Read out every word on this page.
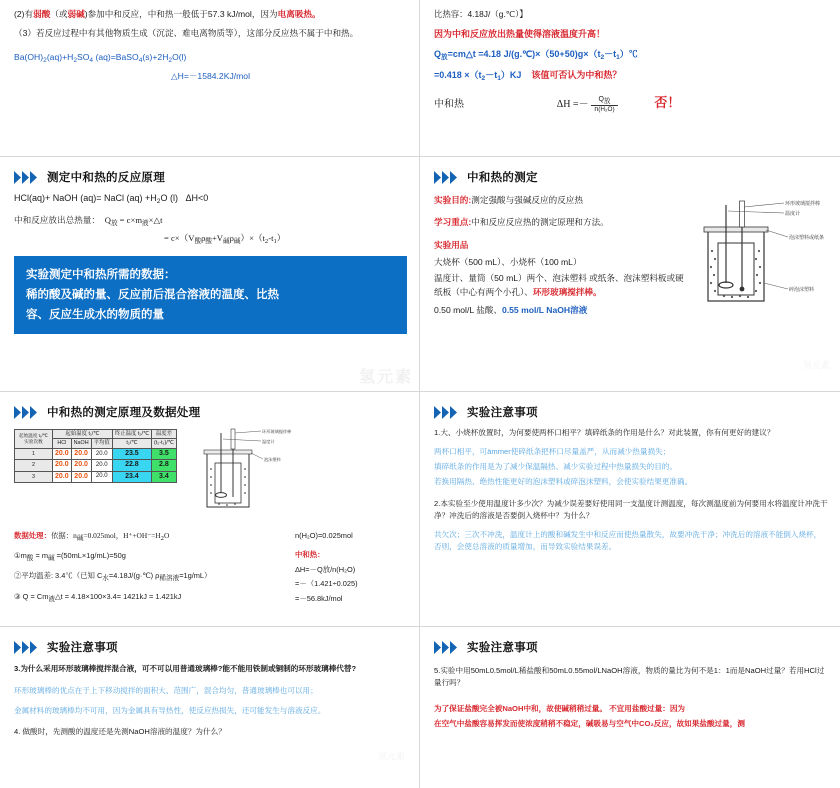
(2)有弱酸（或弱碱)参加中和反应，中和热一般低于57.3 kJ/mol，因为电离吸热。

（3）若反应过程中有其他物质生成（沉淀、难电离物质等），这部分反应热不属于中和热。

$Ba(OH)_2(aq)+H_2SO_4$ $(aq)=BaSO_4(s)+2H_2O(l)$

△H=－1584.2KJ/mol

比热容：4.18J/（g.℃）】

因为中和反应放出热量使得溶液温度升高！

$Q_放=cm\triangle t =4.18$ $J/(g.℃)\times(50+50)g\times(t_2-t_1)℃$

$=0.418 \times(t_2-t_1)KJ$    该值可否认为中和热？

中和热	$\Delta H =- \frac{\text{Q放}}{\text{n(H₂O)}}$	否！

测定中和热的反应原理

HCl(aq)+ NaOH (aq)= NaCl $(aq) +H_2O$ (l)   ΔH<0

中和反应放出总热量：  $Q_放$ = $c\times m_液\times\triangle t$

= $c\times(V_酸\rho_酸+V_碱\rho_碱)\times(t_2-t_1)$

实验测定中和热所需的数据：
稀的酸及碱的量、反应前后混合溶液的温度、比热
容、反应生成水的物质的量
氢元素
中和热的测定

实验目的:测定强酸与强碱反应的反应热

学习重点:中和反应反应热的测定原理和方法。

实验用品

大烧杯（500 mL）、小烧杯（100 mL）

温度计、量筒（50 mL）两个、泡沫塑料 或纸条、泡沫塑料板或硬纸板（中心有两个小孔）、环形玻璃搅拌棒。

0.50 mol/L 盐酸、0.55 mol/L NaOH溶液

环形玻璃搅拌棒
温度计
泡沫塑料或纸条
碎泡沫塑料
氢元素
中和热的测定原理及数据处理
起始温度 t₁/℃
实验次数	起始温度 t₁/℃			终止温度 t₂/℃	温度差
	HCl	NaOH	平均值	t₂/℃	(t₂-t₁)/℃
1	20.0	20.0	20.0	23.5	3.5
2	20.0	20.0	20.0	22.8	2.8
3	20.0	20.0	20.0	23.4	3.4
环形玻璃搅拌棒
温度计
泡沫塑料

数据处理：依据：n碱=0.025mol，H⁺+OH⁻=H2O

①m酸 = m碱 =(50mL×1g/mL)=50g

②平均温差: 3.4℃（已知 C水=4.18J/(g·℃) ρ稀溶液=1g/mL）

③ Q = Cm液△t = 4.18×100×3.4= 1421kJ = 1.421kJ

n(H₂O)=0.025mol

中和热：

ΔH=－Q放/n(H₂O)

=－（1.421÷0.025)

=－56.8kJ/mol

实验注意事项

1.大、小烧杯放置时，为何要使两杯口相平？填碎纸条的作用是什么？对此装置，你有何更好的建议？

两杯口相平，可ämmer使碎纸条把杯口尽量盖严，从而减少热量损失；

填碎纸条的作用是为了减少保温隔热、减少实验过程中热量损失的目的。

若换用隔热、绝热性能更好的泡沫塑料或碎泡沫塑料，会使实验结果更准确。

2.本实验至少使用温度计多少次？为减少误差要好使用同一支温度计测温度，每次测温度前为何要用水将温度计冲洗干净？冲洗后的溶液是否要倒入烧杯中？为什么？

共欠次；三次不冲洗，温度计上的酸和碱发生中和反应而使热量散失，故要冲洗干净；冲洗后的溶液不能倒入烧杯，否则，会使总溶液的质量增加，而导致实验结果误差。

实验注意事项

3.为什么采用环形玻璃棒搅拌混合液，可不可以用普通玻璃棒?能不能用铁制或铜制的环形玻璃棒代替?

环形玻璃棒的优点在于上下移动搅拌的面积大、范围广，混合均匀，普通玻璃棒也可以用；

金属材料的玻璃棒均不可用，因为金属具有导热性，使反应热损失，还可能发生与溶液反应。

4. 做酸时，先测酸的温度还是先测NaOH溶液的温度？为什么？

氢元素
实验注意事项

5.实验中用50mL0.5mol/L稀盐酸和50mL0.55mol/LNaOH溶液，物质的量比为何不是1：1而是NaOH过量？若用HCl过量行吗？

为了保证盐酸完全被NaOH中和，故使碱稍稍过量。 不宜用盐酸过量：因为

在空气中盐酸容易挥发而使浓度稍稍不稳定，碱吸易与空气中CO₂反应，故如果盐酸过量，测
